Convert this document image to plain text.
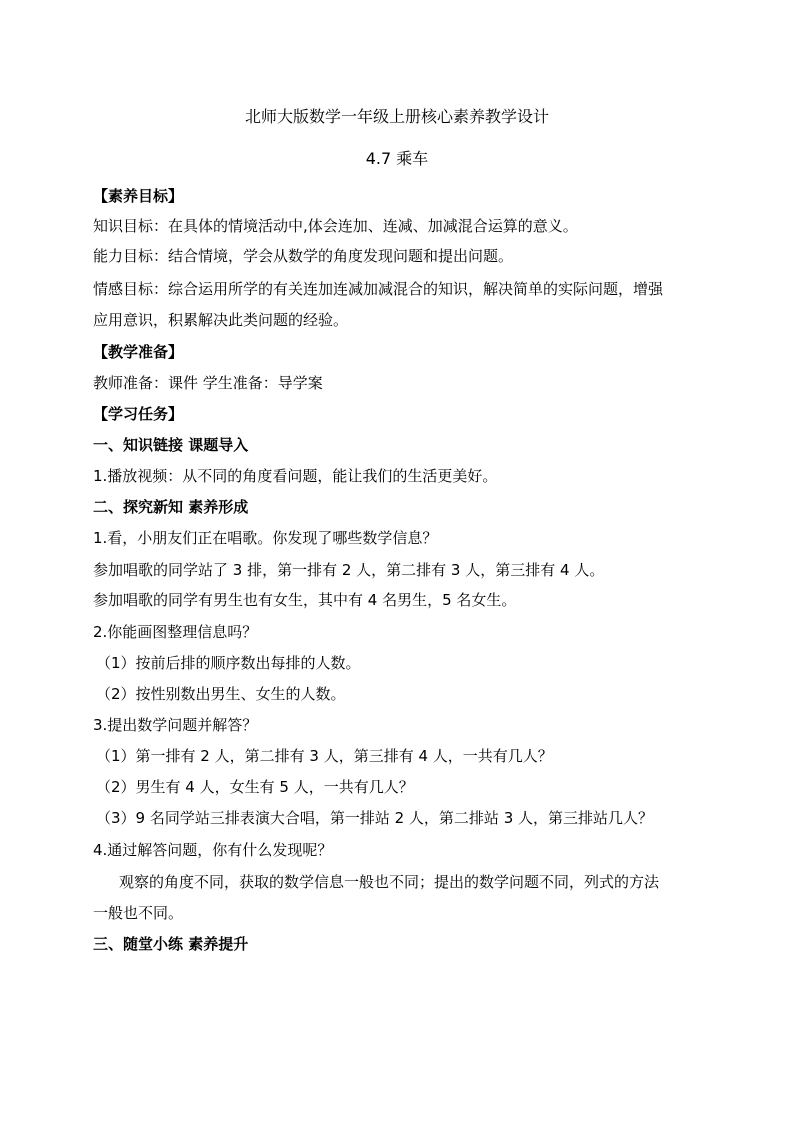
北师大版数学一年级上册核心素养教学设计
4.7 乘车
【素养目标】
知识目标：在具体的情境活动中,体会连加、连减、加减混合运算的意义。
能力目标：结合情境，学会从数学的角度发现问题和提出问题。
情感目标：综合运用所学的有关连加连减加减混合的知识，解决简单的实际问题，增强
应用意识，积累解决此类问题的经验。
【教学准备】
教师准备：课件 学生准备：导学案
【学习任务】
一、知识链接 课题导入
1.播放视频：从不同的角度看问题，能让我们的生活更美好。
二、探究新知 素养形成
1.看，小朋友们正在唱歌。你发现了哪些数学信息？
参加唱歌的同学站了 3 排，第一排有 2 人，第二排有 3 人，第三排有 4 人。
参加唱歌的同学有男生也有女生，其中有 4 名男生，5 名女生。
2.你能画图整理信息吗？
（1）按前后排的顺序数出每排的人数。
（2）按性别数出男生、女生的人数。
3.提出数学问题并解答？
（1）第一排有 2 人，第二排有 3 人，第三排有 4 人，一共有几人？
（2）男生有 4 人，女生有 5 人，一共有几人？
（3）9 名同学站三排表演大合唱，第一排站 2 人，第二排站 3 人，第三排站几人？
4.通过解答问题，你有什么发现呢？
观察的角度不同，获取的数学信息一般也不同；提出的数学问题不同，列式的方法
一般也不同。
三、随堂小练 素养提升
